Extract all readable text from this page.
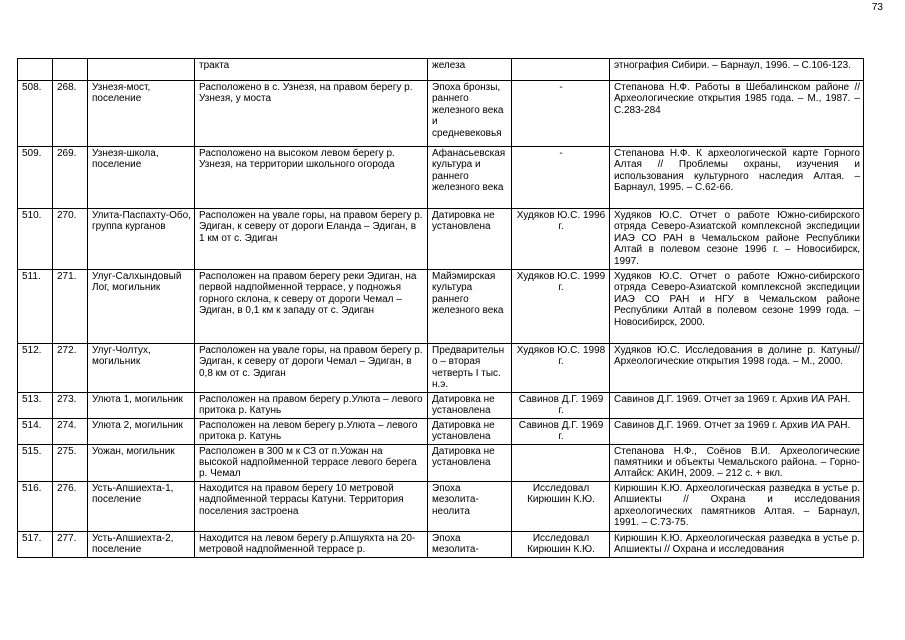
73
			тракта	железа		этнография Сибири. – Барнаул, 1996. – С.106-123.
508.	268.	Узнезя-мост, поселение	Расположено в с. Узнезя, на правом берегу р. Узнезя, у моста	Эпоха бронзы, раннего железного века и средневековья	-	Степанова Н.Ф. Работы в Шебалинском районе //Археологические открытия 1985 года. – М., 1987. –С.283-284
509.	269.	Узнезя-школа, поселение	Расположено на высоком левом берегу р. Узнезя, на территории школьного огорода	Афанасьевская культура и раннего железного века	-	Степанова Н.Ф. К археологической карте Горного Алтая // Проблемы охраны, изучения и использования культурного наследия Алтая. – Барнаул, 1995. – С.62-66.
510.	270.	Улита-Паспахту-Обо, группа курганов	Расположен на увале горы, на правом берегу р. Эдиган, к северу от дороги Еланда – Эдиган, в 1 км от с. Эдиган	Датировка не установлена	Худяков Ю.С. 1996 г.	Худяков Ю.С. Отчет о работе Южно-сибирского отряда Северо-Азиатской комплексной экспедиции ИАЭ СО РАН в Чемальском районе Республики Алтай в полевом сезоне 1996 г. – Новосибирск, 1997.
511.	271.	Улуг-Салхындовый Лог, могильник	Расположен на правом берегу реки Эдиган, на первой надпойменной террасе, у подножья горного склона, к северу от дороги Чемал – Эдиган, в 0,1 км к западу от с. Эдиган	Майэмирская культура раннего железного века	Худяков Ю.С. 1999 г.	Худяков Ю.С. Отчет о работе Южно-сибирского отряда Северо-Азиатской комплексной экспедиции ИАЭ СО РАН и НГУ в Чемальском районе Республики Алтай в полевом сезоне 1999 года. – Новосибирск, 2000.
512.	272.	Улуг-Чолтух, могильник	Расположен на увале горы, на правом берегу р. Эдиган, к северу от дороги Чемал – Эдиган, в 0,8 км от с. Эдиган	Предварительно – вторая четверть I тыс. н.э.	Худяков Ю.С. 1998 г.	Худяков Ю.С. Исследования в долине р. Катуны//Археологические открытия 1998 года. – М., 2000.
513.	273.	Улюта 1, могильник	Расположен на правом берегу р.Улюта – левого притока р. Катунь	Датировка не установлена	Савинов Д.Г. 1969 г.	Савинов Д.Г. 1969. Отчет за 1969 г. Архив ИА РАН.
514.	274.	Улюта 2, могильник	Расположен на левом берегу р.Улюта – левого притока р. Катунь	Датировка не установлена	Савинов Д.Г. 1969 г.	Савинов Д.Г. 1969. Отчет за 1969 г. Архив ИА РАН.
515.	275.	Уожан, могильник	Расположен в 300 м к СЗ от п.Уожан на высокой надпойменной террасе левого берега р. Чемал	Датировка не установлена		Степанова Н.Ф., Соёнов В.И. Археологические памятники и объекты Чемальского района. – Горно-Алтайск: АКИН, 2009. – 212 с. + вкл.
516.	276.	Усть-Апшиехта-1, поселение	Находится на правом берегу 10 метровой надпойменной террасы Катуни. Территория поселения застроена	Эпоха мезолита-неолита	Исследовал Кирюшин К.Ю.	Кирюшин К.Ю. Археологическая разведка в устье р. Апшиекты // Охрана и исследования археологических памятников Алтая. – Барнаул, 1991. – С.73-75.
517.	277.	Усть-Апшиехта-2, поселение	Находится на левом берегу р.Апшуяхта на 20-метровой надпойменной террасе р.	Эпоха мезолита-	Исследовал Кирюшин К.Ю.	Кирюшин К.Ю. Археологическая разведка в устье р. Апшиекты // Охрана и исследования
